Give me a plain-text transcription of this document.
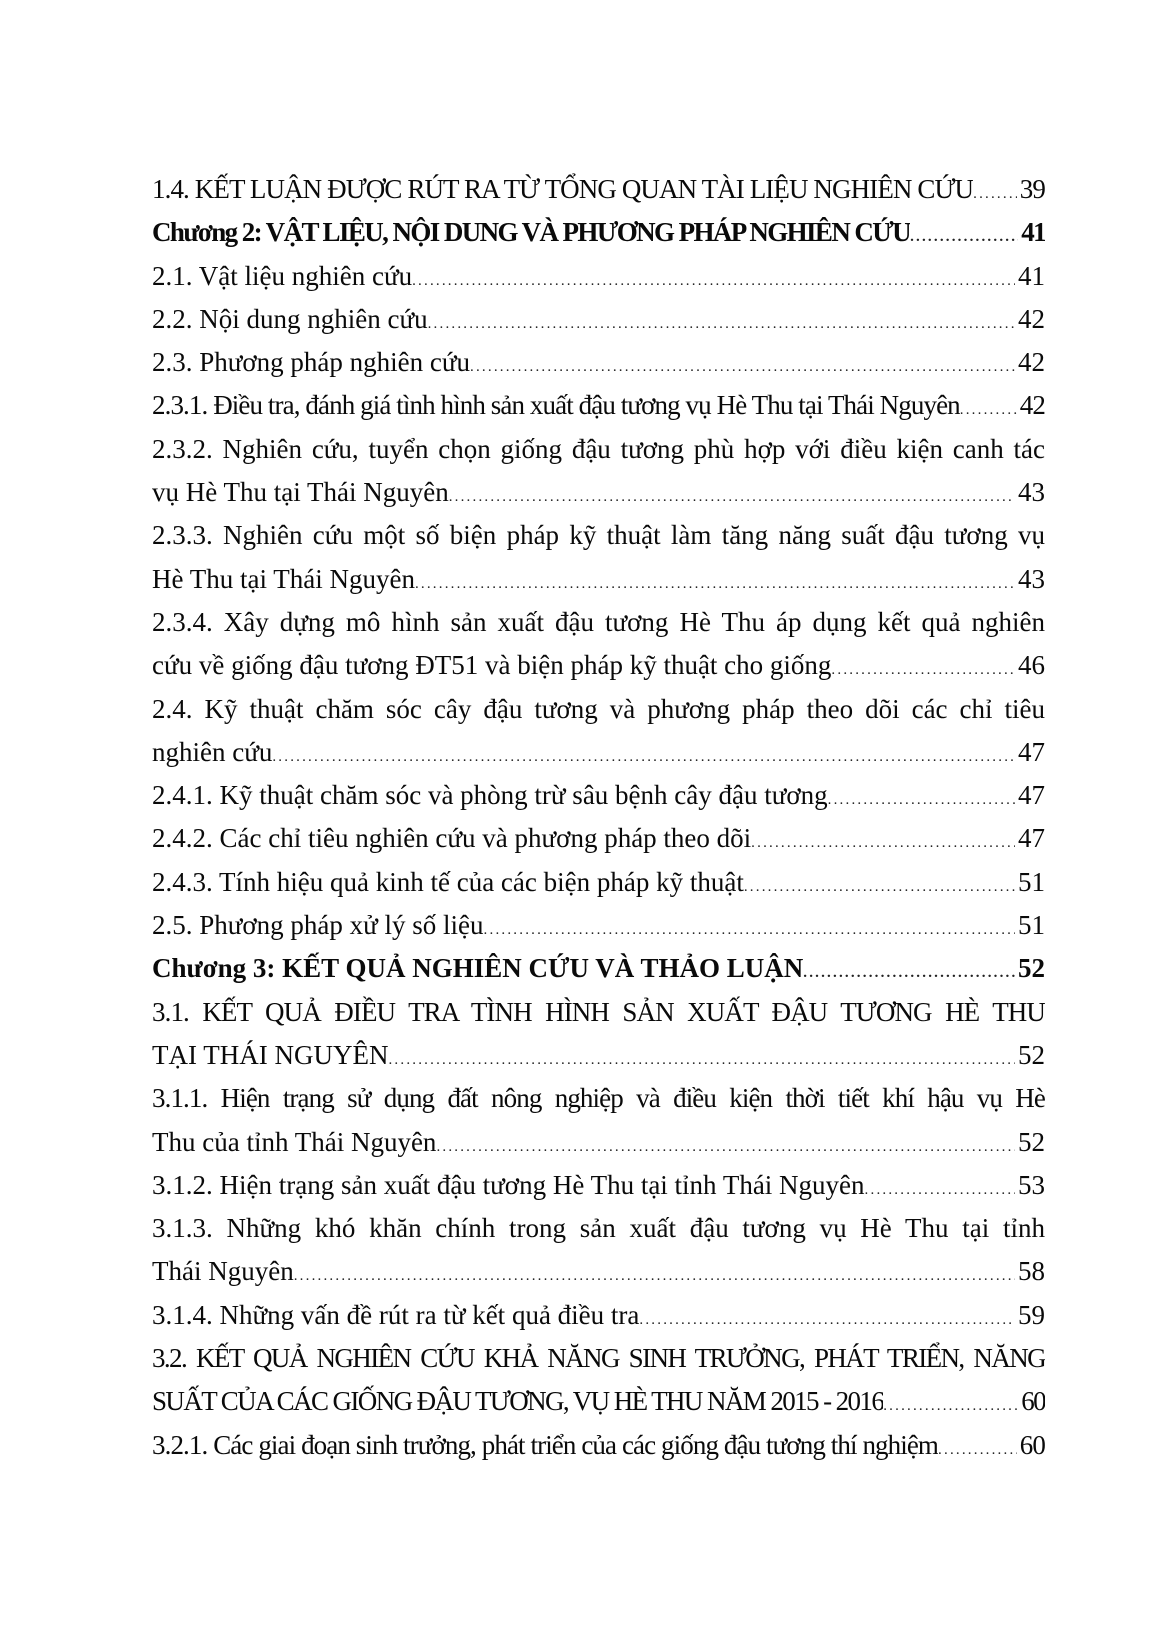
1.4. KẾT LUẬN ĐƯỢC RÚT RA TỪ TỔNG QUAN TÀI LIỆU NGHIÊN CỨU ..... 39
Chương 2: VẬT LIỆU, NỘI DUNG VÀ PHƯƠNG PHÁP NGHIÊN CỨU .....	41
2.1. Vật liệu nghiên cứu .....	41
2.2. Nội dung nghiên cứu .....	42
2.3. Phương pháp nghiên cứu .....	42
2.3.1. Điều tra, đánh giá tình hình sản xuất đậu tương vụ Hè Thu tại Thái Nguyên ..... 42
2.3.2. Nghiên cứu, tuyển chọn giống đậu tương phù hợp với điều kiện canh tác
vụ Hè Thu tại Thái Nguyên .....	43
2.3.3. Nghiên cứu một số biện pháp kỹ thuật làm tăng năng suất đậu tương vụ
Hè Thu tại Thái Nguyên .....	43
2.3.4. Xây dựng mô hình sản xuất đậu tương Hè Thu áp dụng kết quả nghiên
cứu về giống đậu tương ĐT51 và biện pháp kỹ thuật cho giống .....	46
2.4. Kỹ thuật chăm sóc cây đậu tương và phương pháp theo dõi các chỉ tiêu
nghiên cứu .....	47
2.4.1. Kỹ thuật chăm sóc và phòng trừ sâu bệnh cây đậu tương .....	47
2.4.2. Các chỉ tiêu nghiên cứu và phương pháp theo dõi .....	47
2.4.3. Tính hiệu quả kinh tế của các biện pháp kỹ thuật .....	51
2.5. Phương pháp xử lý số liệu .....	51
Chương 3: KẾT QUẢ NGHIÊN CỨU VÀ THẢO LUẬN .....	52
3.1. KẾT QUẢ ĐIỀU TRA TÌNH HÌNH SẢN XUẤT ĐẬU TƯƠNG HÈ THU
TẠI THÁI NGUYÊN .....	52
3.1.1. Hiện trạng sử dụng đất nông nghiệp và điều kiện thời tiết khí hậu vụ Hè
Thu của tỉnh Thái Nguyên .....	52
3.1.2. Hiện trạng sản xuất đậu tương Hè Thu tại tỉnh Thái Nguyên .....	53
3.1.3. Những khó khăn chính trong sản xuất đậu tương vụ Hè Thu tại tỉnh
Thái Nguyên .....	58
3.1.4. Những vấn đề rút ra từ kết quả điều tra .....	59
3.2. KẾT QUẢ NGHIÊN CỨU KHẢ NĂNG SINH TRƯỞNG, PHÁT TRIỂN, NĂNG
SUẤT CỦA CÁC GIỐNG ĐẬU TƯƠNG, VỤ HÈ THU NĂM 2015 - 2016 .....	60
3.2.1. Các giai đoạn sinh trưởng, phát triển của các giống đậu tương thí nghiệm .....	60
